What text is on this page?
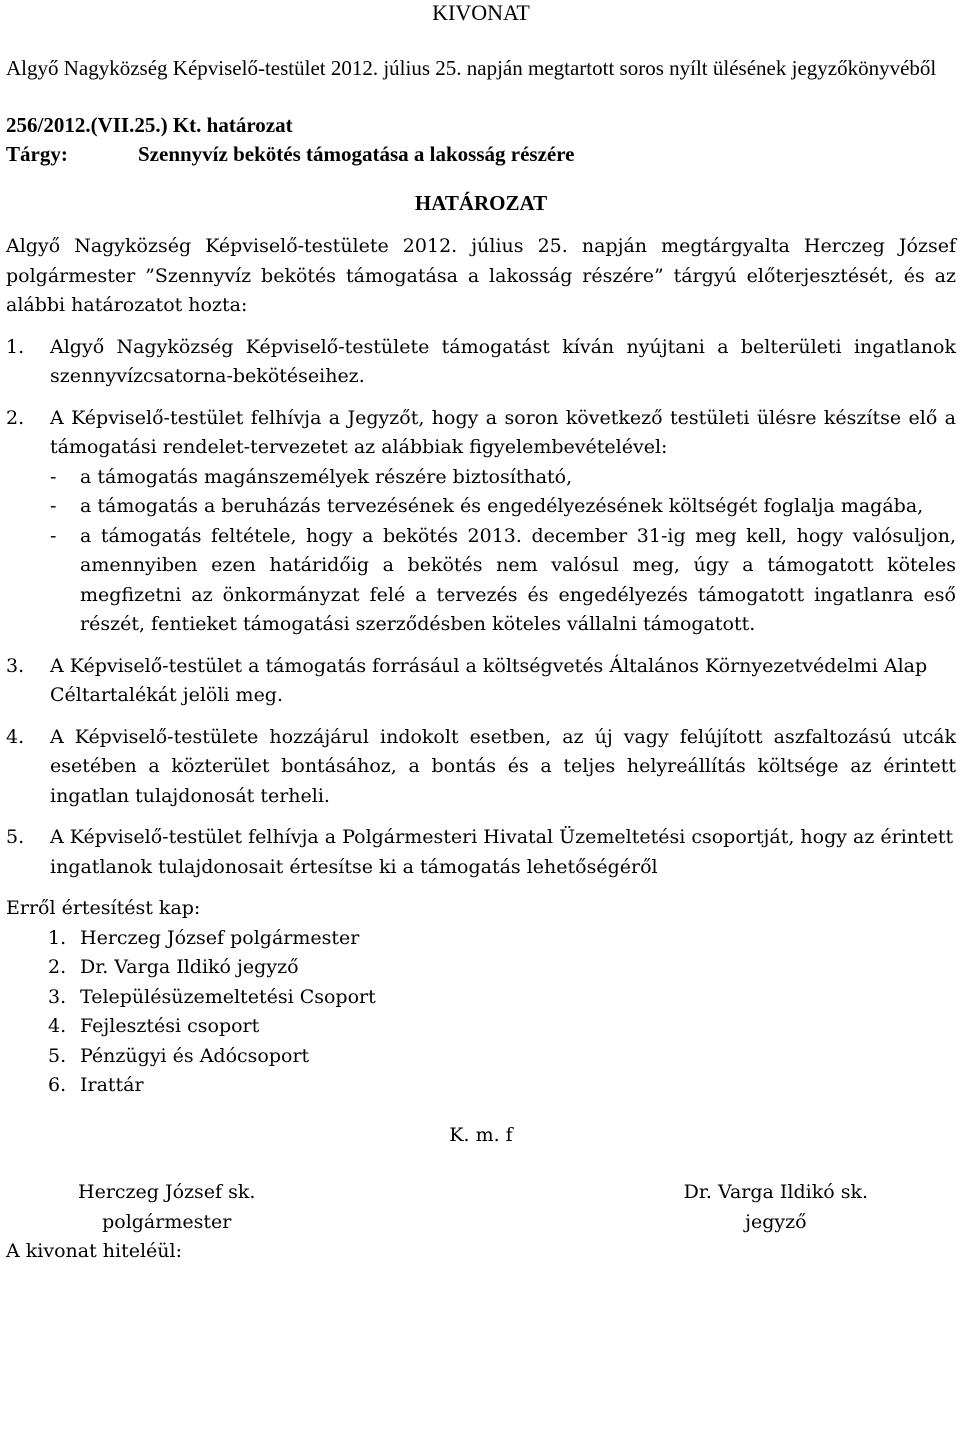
KIVONAT
Algyő Nagyközség Képviselő-testület 2012. július 25. napján megtartott soros nyílt ülésének jegyzőkönyvéből
256/2012.(VII.25.) Kt. határozat
Tárgy:	Szennyvíz bekötés támogatása a lakosság részére
HATÁROZAT
Algyő Nagyközség Képviselő-testülete 2012. július 25. napján megtárgyalta Herczeg József polgármester ”Szennyvíz bekötés támogatása a lakosság részére” tárgyú előterjesztését, és az alábbi határozatot hozta:
1.	Algyő Nagyközség Képviselő-testülete támogatást kíván nyújtani a belterületi ingatlanok szennyvízcsatorna-bekötéseihez.
2.	A Képviselő-testület felhívja a Jegyzőt, hogy a soron következő testületi ülésre készítse elő a támogatási rendelet-tervezetet az alábbiak figyelembevételével:
-	a támogatás magánszemélyek részére biztosítható,
-	a támogatás a beruházás tervezésének és engedélyezésének költségét foglalja magába,
-	a támogatás feltétele, hogy a bekötés 2013. december 31-ig meg kell, hogy valósuljon, amennyiben ezen határidőig a bekötés nem valósul meg, úgy a támogatott köteles megfizetni az önkormányzat felé a tervezés és engedélyezés támogatott ingatlanra eső részét, fentieket támogatási szerződésben köteles vállalni támogatott.
3.	A Képviselő-testület a támogatás forrásául a költségvetés Általános Környezetvédelmi Alap Céltartalékát jelöli meg.
4.	A Képviselő-testülete hozzájárul indokolt esetben, az új vagy felújított aszfaltozású utcák esetében a közterület bontásához, a bontás és a teljes helyreállítás költsége az érintett ingatlan tulajdonosát terheli.
5.	A Képviselő-testület felhívja a Polgármesteri Hivatal Üzemeltetési csoportját, hogy az érintett ingatlanok tulajdonosait értesítse ki a támogatás lehetőségéről
Erről értesítést kap:
1. Herczeg József polgármester
2. Dr. Varga Ildikó jegyző
3. Településüzemeltetési Csoport
4. Fejlesztési csoport
5. Pénzügyi és Adócsoport
6. Irattár
K. m. f
Herczeg József sk.
polgármester
Dr. Varga Ildikó sk.
jegyző
A kivonat hiteléül:
